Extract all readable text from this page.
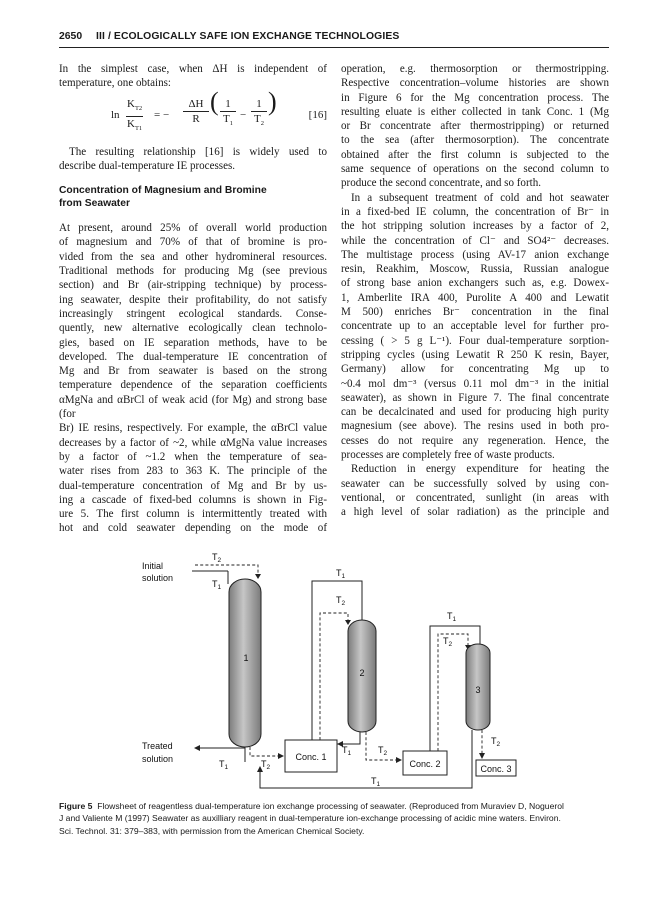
2650 III / ECOLOGICALLY SAFE ION EXCHANGE TECHNOLOGIES

In the simplest case, when ΔH is independent of

temperature, one obtains:

$\ln \frac{K_{T2}}{K_{T1}}$ = − $\frac{\Delta H}{R}$ ( $\frac{1}{T_1} - \frac{1}{T_2}$ )	[16]

The resulting relationship [16] is widely used to

describe dual-temperature IE processes.

Concentration of Magnesium and Bromine
from Seawater

At present, around 25% of overall world production

of magnesium and 70% of that of bromine is pro-

vided from the sea and other hydromineral resources.

Traditional methods for producing Mg (see previous

section) and Br (air-stripping technique) by process-

ing seawater, despite their profitability, do not satisfy

increasingly stringent ecological standards. Conse-

quently, new alternative ecologically clean technolo-

gies, based on IE separation methods, have to be

developed. The dual-temperature IE concentration of

Mg and Br from seawater is based on the strong

temperature dependence of the separation coefficients

αMgNa and αBrCl of weak acid (for Mg) and strong base (for

Br) IE resins, respectively. For example, the αBrCl value

decreases by a factor of ~2, while αMgNa value increases

by a factor of ~1.2 when the temperature of sea-

water rises from 283 to 363 K. The principle of the

dual-temperature concentration of Mg and Br by us-

ing a cascade of fixed-bed columns is shown in Fig-

ure 5. The first column is intermittently treated with

hot and cold seawater depending on the mode of

operation, e.g. thermosorption or thermostripping.

Respective concentration–volume histories are shown

in Figure 6 for the Mg concentration process. The

resulting eluate is either collected in tank Conc. 1 (Mg

or Br concentrate after thermostripping) or returned

to the sea (after thermosorption). The concentrate

obtained after the first column is subjected to the

same sequence of operations on the second column to

produce the second concentrate, and so forth.

In a subsequent treatment of cold and hot seawater

in a fixed-bed IE column, the concentration of Br⁻ in

the hot stripping solution increases by a factor of 2,

while the concentration of Cl⁻ and SO4²⁻ decreases.

The multistage process (using AV-17 anion exchange

resin, Reakhim, Moscow, Russia, Russian analogue

of strong base anion exchangers such as, e.g. Dowex-

1, Amberlite IRA 400, Purolite A 400 and Lewatit

M 500) enriches Br⁻ concentration in the final

concentrate up to an acceptable level for further pro-

cessing ( > 5 g L⁻¹). Four dual-temperature sorption-

stripping cycles (using Lewatit R 250 K resin, Bayer,

Germany) allow for concentrating Mg up to

~0.4 mol dm⁻³ (versus 0.11 mol dm⁻³ in the initial

seawater), as shown in Figure 7. The final concentrate

can be decalcinated and used for producing high purity

magnesium (see above). The resins used in both pro-

cesses do not require any regeneration. Hence, the

processes are completely free of waste products.

Reduction in energy expenditure for heating the

seawater can be successfully solved by using con-

ventional, or concentrated, sunlight (in areas with

a high level of solar radiation) as the principle and

Initial
solution
Treated
solution
$T_2$
$T_1$
1
$T_1$	$T_2$
Conc. 1
$T_1$
$T_2$
2
$T_1$	$T_2$
Conc. 2
$T_1$
$T_2$
3
$T_2$
$T_1$
Conc. 3
Figure 5 Flowsheet of reagentless dual-temperature ion exchange processing of seawater. (Reproduced from Muraviev D, Noguerol
J and Valiente M (1997) Seawater as auxilliary reagent in dual-temperature ion-exchange processing of acidic mine waters. Environ.
Sci. Technol. 31: 379–383, with permission from the American Chemical Society.
